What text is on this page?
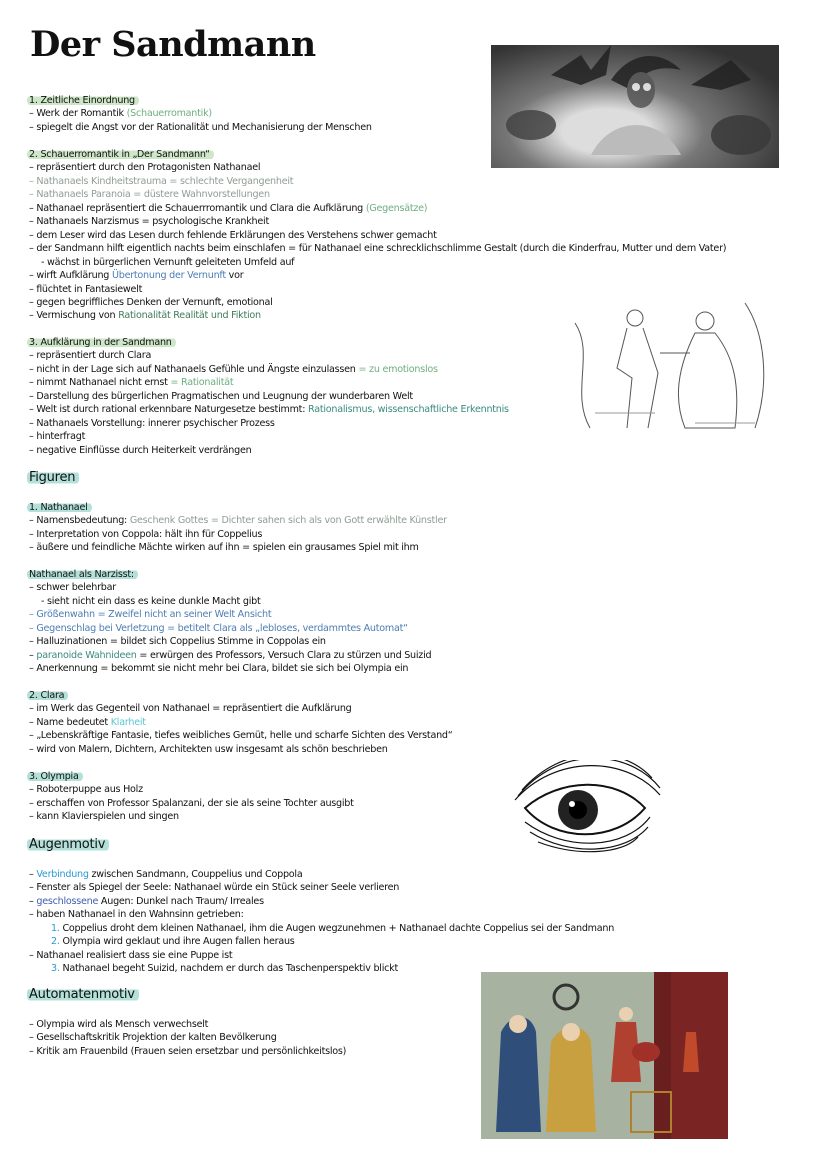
Der Sandmann
1. Zeitliche Einordnung
– Werk der Romantik (Schauerromantik)
– spiegelt die Angst vor der Rationalität und Mechanisierung der Menschen
2. Schauerromantik in „Der Sandmann“
– repräsentiert durch den Protagonisten Nathanael
– Nathanaels Kindheitstrauma = schlechte Vergangenheit
– Nathanaels Paranoia = düstere Wahnvorstellungen
– Nathanael repräsentiert die Schauerrromantik und Clara die Aufklärung (Gegensätze)
– Nathanaels Narzismus = psychologische Krankheit
– dem Leser wird das Lesen durch fehlende Erklärungen des Verstehens schwer gemacht
– der Sandmann hilft eigentlich nachts beim einschlafen = für Nathanael eine schrecklichschlimme Gestalt (durch die Kinderfrau, Mutter und dem Vater)
- wächst in bürgerlichen Vernunft geleiteten Umfeld auf
– wirft Aufklärung Übertonung der Vernunft vor
– flüchtet in Fantasiewelt
– gegen begriffliches Denken der Vernunft, emotional
– Vermischung von Rationalität Realität und Fiktion
3. Aufklärung in der Sandmann
– repräsentiert durch Clara
– nicht in der Lage sich auf Nathanaels Gefühle und Ängste einzulassen = zu emotionslos
– nimmt Nathanael nicht ernst = Rationalität
– Darstellung des bürgerlichen Pragmatischen und Leugnung der wunderbaren Welt
– Welt ist durch rational erkennbare Naturgesetze bestimmt: Rationalismus, wissenschaftliche Erkenntnis
– Nathanaels Vorstellung: innerer psychischer Prozess
– hinterfragt
– negative Einflüsse durch Heiterkeit verdrängen
Figuren
1. Nathanael
– Namensbedeutung: Geschenk Gottes = Dichter sahen sich als von Gott erwählte Künstler
– Interpretation von Coppola: hält ihn für Coppelius
– äußere und feindliche Mächte wirken auf ihn = spielen ein grausames Spiel mit ihm
Nathanael als Narzisst:
– schwer belehrbar
- sieht nicht ein dass es keine dunkle Macht gibt
– Größenwahn = Zweifel nicht an seiner Welt Ansicht
– Gegenschlag bei Verletzung = betitelt Clara als „lebloses, verdammtes Automat“
– Halluzinationen = bildet sich Coppelius Stimme in Coppolas ein
– paranoide Wahnideen = erwürgen des Professors, Versuch Clara zu stürzen und Suizid
– Anerkennung = bekommt sie nicht mehr bei Clara, bildet sie sich bei Olympia ein
2. Clara
– im Werk das Gegenteil von Nathanael = repräsentiert die Aufklärung
– Name bedeutet Klarheit
– „Lebenskräftige Fantasie, tiefes weibliches Gemüt, helle und scharfe Sichten des Verstand“
– wird von Malern, Dichtern, Architekten usw insgesamt als schön beschrieben
3. Olympia
– Roboterpuppe aus Holz
– erschaffen von Professor Spalanzani, der sie als seine Tochter ausgibt
– kann Klavierspielen und singen
Augenmotiv
– Verbindung zwischen Sandmann, Couppelius und Coppola
– Fenster als Spiegel der Seele: Nathanael würde ein Stück seiner Seele verlieren
– geschlossene Augen: Dunkel nach Traum/ Irreales
– haben Nathanael in den Wahnsinn getrieben:
1. Coppelius droht dem kleinen Nathanael, ihm die Augen wegzunehmen + Nathanael dachte Coppelius sei der Sandmann
2. Olympia wird geklaut und ihre Augen fallen heraus
– Nathanael realisiert dass sie eine Puppe ist
3. Nathanael begeht Suizid, nachdem er durch das Taschenperspektiv blickt
Automatenmotiv
– Olympia wird als Mensch verwechselt
– Gesellschaftskritik Projektion der kalten Bevölkerung
– Kritik am Frauenbild (Frauen seien ersetzbar und persönlichkeitslos)
